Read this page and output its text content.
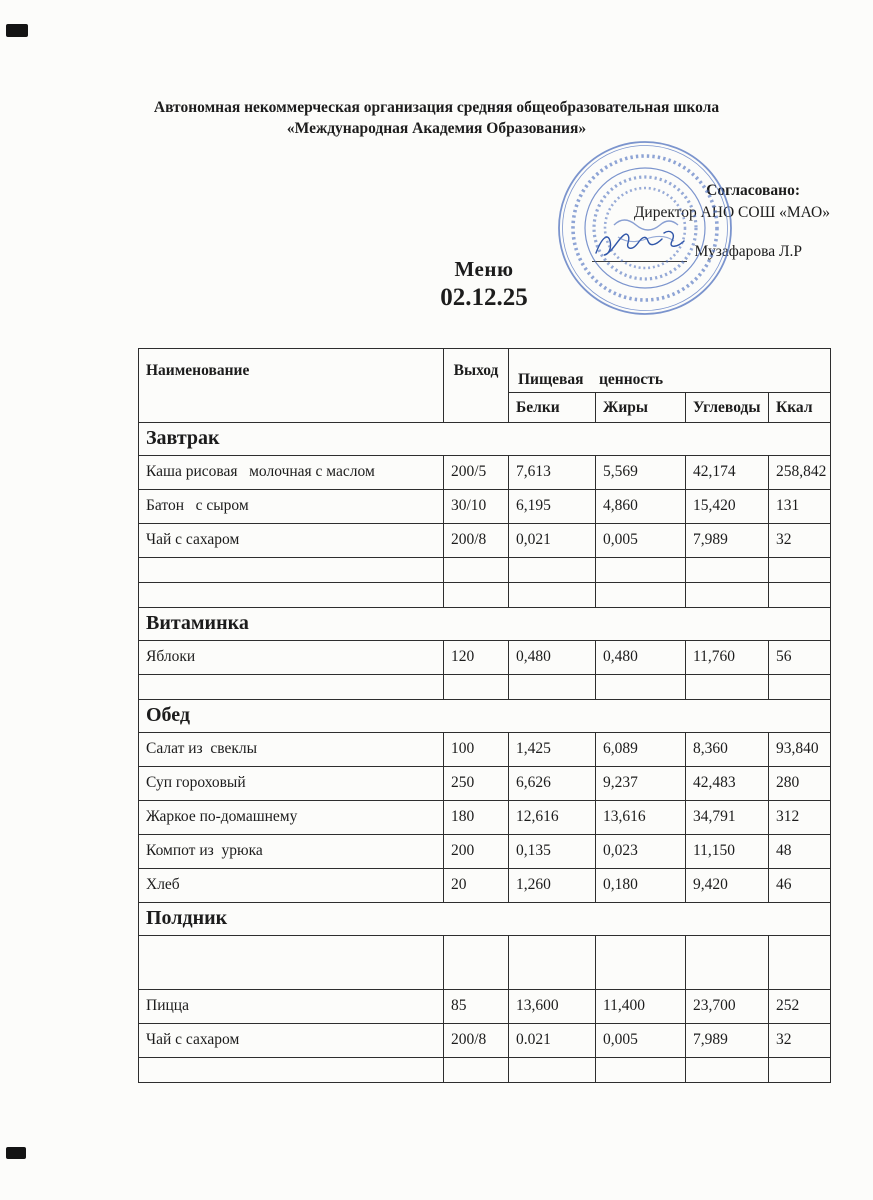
Автономная некоммерческая организация средняя общеобразовательная школа
«Международная Академия Образования»
Согласовано:
Директор АНО СОШ «МАО»
Музафарова Л.Р
Меню
02.12.25
Наименование	Выход	Пищевая    ценность			
		Белки	Жиры	Углеводы	Ккал
Завтрак					
Каша рисовая   молочная с маслом	200/5	7,613	5,569	42,174	258,842
Батон   с сыром	30/10	6,195	4,860	15,420	131
Чай с сахаром	200/8	0,021	0,005	7,989	32

Витаминка					
Яблоки	120	0,480	0,480	11,760	56

Обед					
Салат из  свеклы	100	1,425	6,089	8,360	93,840
Суп гороховый	250	6,626	9,237	42,483	280
Жаркое по-домашнему	180	12,616	13,616	34,791	312
Компот из  урюка	200	0,135	0,023	11,150	48
Хлеб	20	1,260	0,180	9,420	46
Полдник					

Пицца	85	13,600	11,400	23,700	252
Чай с сахаром	200/8	0.021	0,005	7,989	32
